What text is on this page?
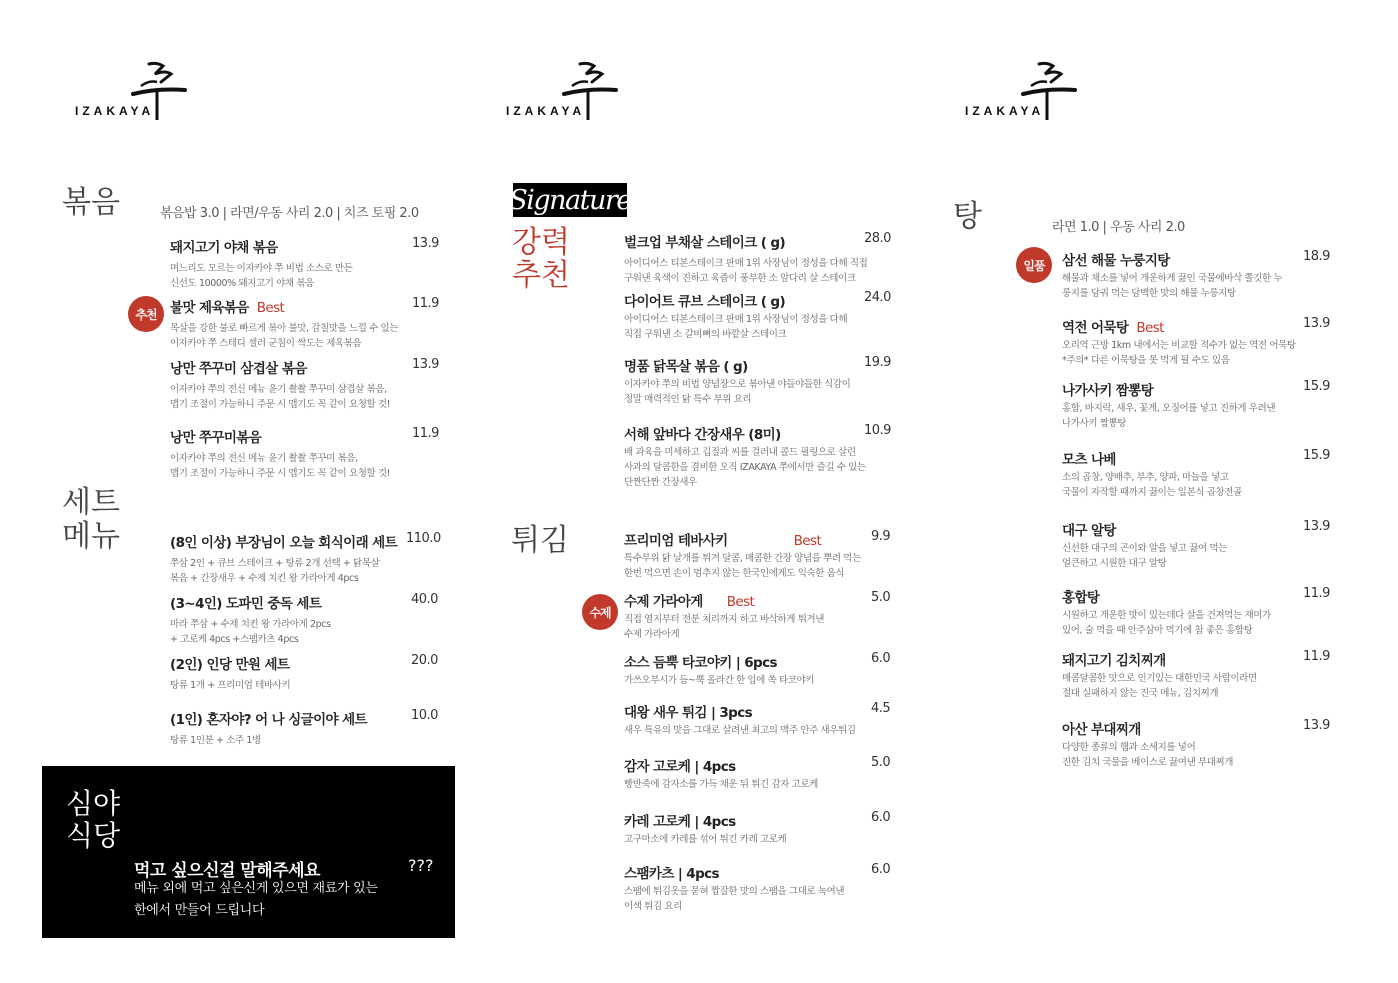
IZAKAYA	IZAKAYA	IZAKAYA
볶음	볶음밥 3.0 | 라면/우동 사리 2.0 | 치즈 토핑 2.0
돼지고기 야채 볶음
며느리도 모르는 이자카야 쭈 비법 소스로 만든
신선도 10000% 돼지고기 야채 볶음
13.9
추천 불맛 제육볶음 Best
목살을 강한 불로 빠르게 볶아 불맛, 감칠맛을 느낄 수 있는
이자카야 쭈 스테디 셀러 군침이 싹도는 제육볶음
11.9
낭만 쭈꾸미 삼겹살 볶음
이자카야 쭈의 전신 메뉴 윤기 촬촬 쭈꾸미 삼겹살 볶음,
맵기 조절이 가능하니 주문 시 맵기도 꼭 같이 요청할 것!
13.9
낭만 쭈꾸미볶음
이자카야 쭈의 전신 메뉴 윤기 촬촬 쭈꾸미 볶음,
맵기 조절이 가능하니 주문 시 맵기도 꼭 같이 요청할 것!
11.9
세트
메뉴	(8인 이상) 부장님이 오늘 회식이래 세트
쭈삼 2인 + 큐브 스테이크 + 탕류 2개 선택 + 닭목살
볶음 + 간장새우 + 수제 치킨 왕 가라아게 4pcs
110.0
(3~4인) 도파민 중독 세트
마라 쭈삼 + 수제 치킨 왕 가라아게 2pcs
+ 고로케 4pcs +스팸카츠 4pcs
40.0
(2인) 인당 만원 세트
탕류 1개 + 프리미엄 테바사키
20.0
(1인) 혼자야? 어 나 싱글이야 세트
탕류 1인분 + 소주 1병
10.0
심야
식당
먹고 싶으신걸 말해주세요	???
메뉴 외에 먹고 싶은신게 있으면 재료가 있는
한에서 만들어 드립니다
Signature
강력
추천
벌크업 부채살 스테이크 ( g)
아이디어스 티본스테이크 판매 1위 사장님이 정성을 다해 직접
구워낸 육색이 진하고 육즙이 풍부한 소 앞다리 살 스테이크
28.0
다이어트 큐브 스테이크 ( g)
아이디어스 티본스테이크 판매 1위 사장님이 정성을 다해
직접 구워낸 소 갈비뼈의 바깥살 스테이크
24.0
명품 닭목살 볶음 ( g)
이자카야 쭈의 비법 양념장으로 볶아낸 야들야들한 식감이
정말 매력적인 닭 특수 부위 요리
19.9
서해 앞바다 간장새우 (8미)
배 과육을 미세하고 깁질과 씨를 걸러내 콜드 필링으로 살린
사과의 달콤한을 겸비한 오직 IZAKAYA 쭈에서만 즐길 수 있는
단짠단짠 간장새우
10.9
튀김	프리미엄 테바사키	Best
특수부위 닭 날개를 튀겨 달콤, 매콤한 간장 양념을 뿌려 먹는
한번 먹으면 손이 멈추지 않는 한국인에게도 익숙한 음식
9.9
수제
수제 가라아게 Best
직접 염지부터 전분 처리까지 하고 바삭하게 튀겨낸
수제 가라아게
5.0
소스 듬뿍 타코야키 | 6pcs
가쓰오부시가 듬~뿍 올라간 한 입에 쏙 타코야키
6.0
대왕 새우 튀김 | 3pcs
새우 특유의 맛을 그대로 살려낸 최고의 맥주 안주 새우튀김
4.5
감자 고로케 | 4pcs
빵반죽에 감자소를 가득 채운 뒤 튀긴 감자 고로케
5.0
카레 고로케 | 4pcs
고구마소에 카레를 섞어 튀긴 카레 고로케
6.0
스팸카츠 | 4pcs
스팸에 튀김옷을 묻혀 짭잘한 맛의 스팸을 그대로 녹여낸
이색 튀김 요리
6.0
탕	라면 1.0 | 우동 사리 2.0
일품	삼선 해물 누룽지탕
해물과 채소를 넣어 개운하게 끓인 국물에바삭 쫄깃한 누
룽지를 담궈 먹는 담백한 맛의 해물 누룽지탕
18.9
역전 어묵탕 Best
오리역 근방 1km 내에서는 비교할 적수가 없는 역전 어묵탕
*주의* 다른 어묵탕을 못 먹게 될 수도 있음
13.9
나가사키 짬뽕탕
홍합, 바지락, 새우, 꽃게, 오징어를 넣고 진하게 우려낸
나가사키 짬뽕탕
15.9
모츠 나베
소의 곱창, 양배추, 부추, 양파, 마늘을 넣고
국물이 자작할 때까지 끓이는 일본식 곱창전골
15.9
대구 알탕
신선한 대구의 곤이와 알을 넣고 끓여 먹는
얼큰하고 시원한 대구 알탕
13.9
홍합탕
시원하고 개운한 맛이 있는데다 살을 건져먹는 재미가
있어, 술 먹을 때 안주삼아 먹기에 참 좋은 홍합탕
11.9
돼지고기 김치찌개
매콤달콤한 맛으로 인기있는 대한민국 사람이라면
절대 실패하지 않는 진국 메뉴, 김치찌개
11.9
아산 부대찌개
다양한 종류의 햄과 소세지를 넣어
진한 김치 국물을 베이스로 끓여낸 부대찌개
13.9
